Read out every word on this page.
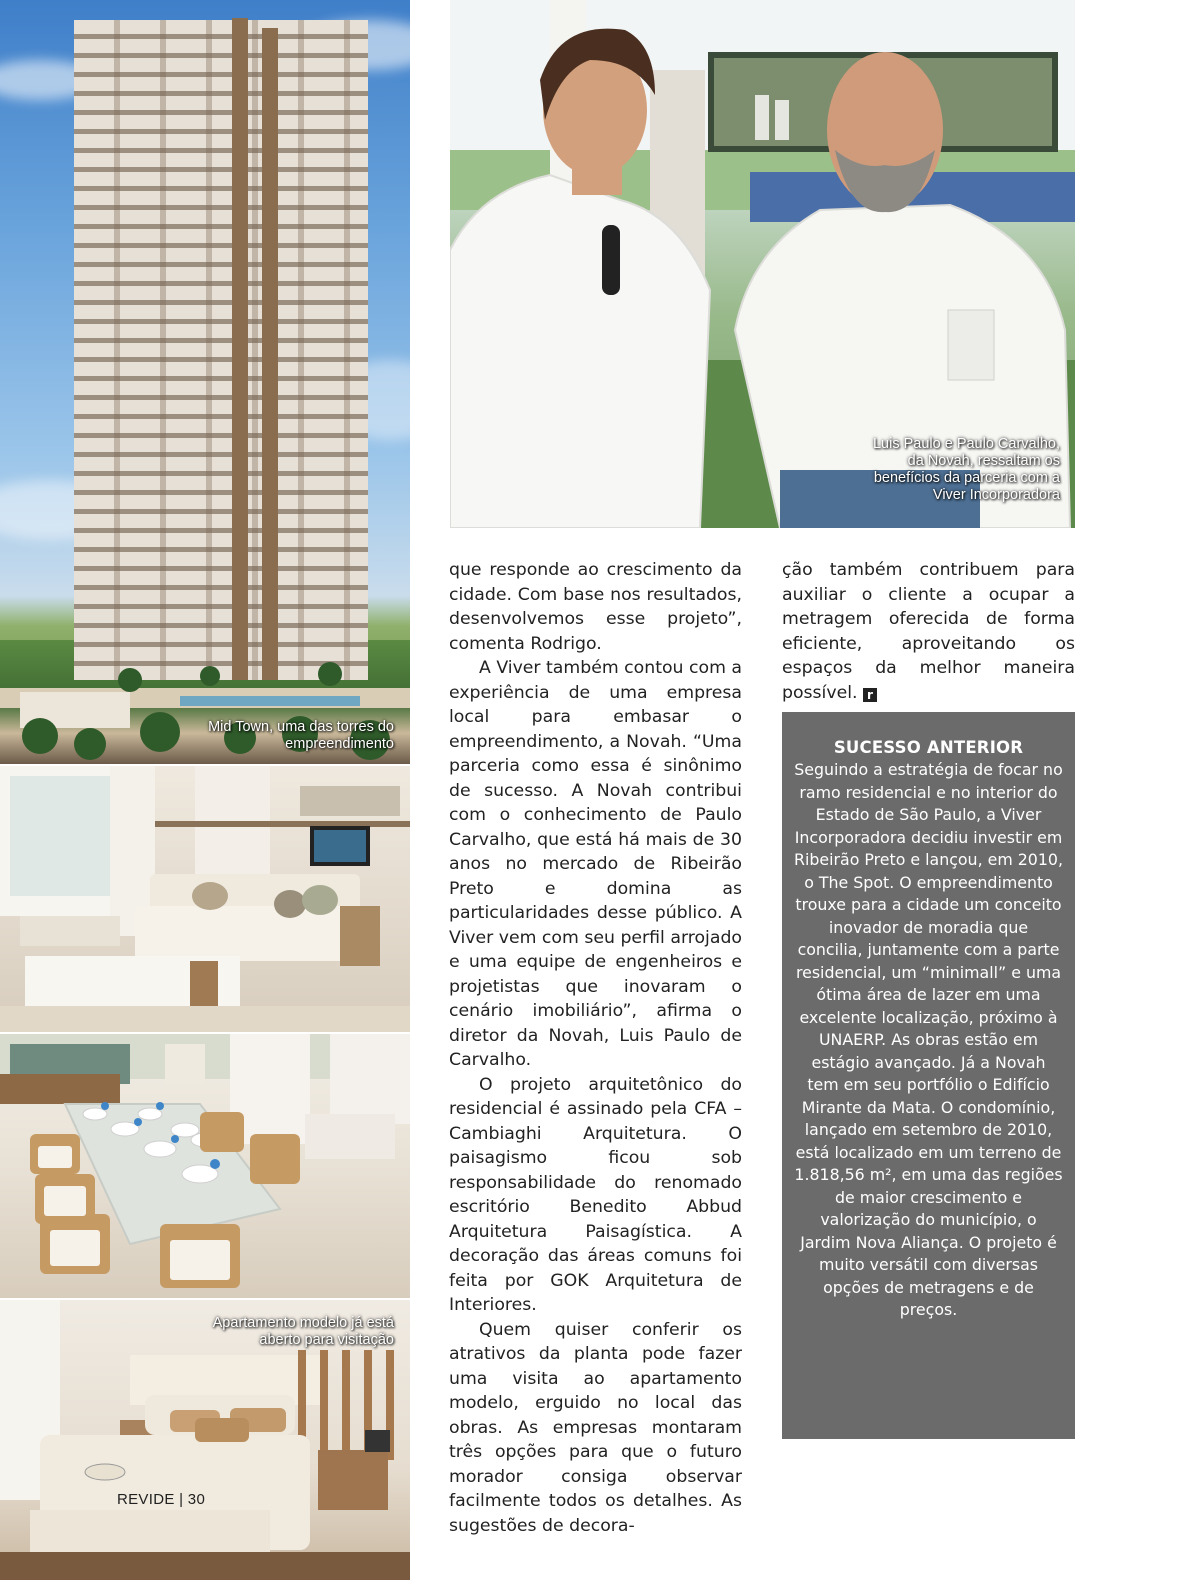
Mid Town, uma das torres do empreendimento
Apartamento modelo já está aberto para visitação
Luis Paulo e Paulo Carvalho, da Novah, ressaltam os benefícios da parceria com a Viver Incorporadora

que responde ao crescimento da cidade. Com base nos resultados, desenvolvemos esse projeto”, comenta Rodrigo.

A Viver também contou com a experiência de uma empresa local para embasar o empreendimento, a Novah. “Uma parceria como essa é sinônimo de sucesso. A Novah contribui com o conhecimento de Paulo Carvalho, que está há mais de 30 anos no mercado de Ribeirão Preto e domina as particularidades desse público. A Viver vem com seu perfil arrojado e uma equipe de engenheiros e projetistas que inovaram o cenário imobiliário”, afirma o diretor da Novah, Luis Paulo de Carvalho.

O projeto arquitetônico do residencial é assinado pela CFA – Cambiaghi Arquitetura. O paisagismo ficou sob responsabilidade do renomado escritório Benedito Abbud Arquitetura Paisagística. A decoração das áreas comuns foi feita por GOK Arquitetura de Interiores.

Quem quiser conferir os atrativos da planta pode fazer uma visita ao apartamento modelo, erguido no local das obras. As empresas montaram três opções para que o futuro morador consiga observar facilmente todos os detalhes. As sugestões de decora-

ção também contribuem para auxiliar o cliente a ocupar a metragem oferecida de forma eficiente, aproveitando os espaços da melhor maneira possível. r

SUCESSO ANTERIOR
Seguindo a estratégia de focar no ramo residencial e no interior do Estado de São Paulo, a Viver Incorporadora decidiu investir em Ribeirão Preto e lançou, em 2010, o The Spot. O empreendimento trouxe para a cidade um conceito inovador de moradia que concilia, juntamente com a parte residencial, um “minimall” e uma ótima área de lazer em uma excelente localização, próximo à UNAERP. As obras estão em estágio avançado. Já a Novah tem em seu portfólio o Edifício Mirante da Mata. O condomínio, lançado em setembro de 2010, está localizado em um terreno de 1.818,56 m², em uma das regiões de maior crescimento e valorização do município, o Jardim Nova Aliança. O projeto é muito versátil com diversas opções de metragens e de preços.
REVIDE | 30
